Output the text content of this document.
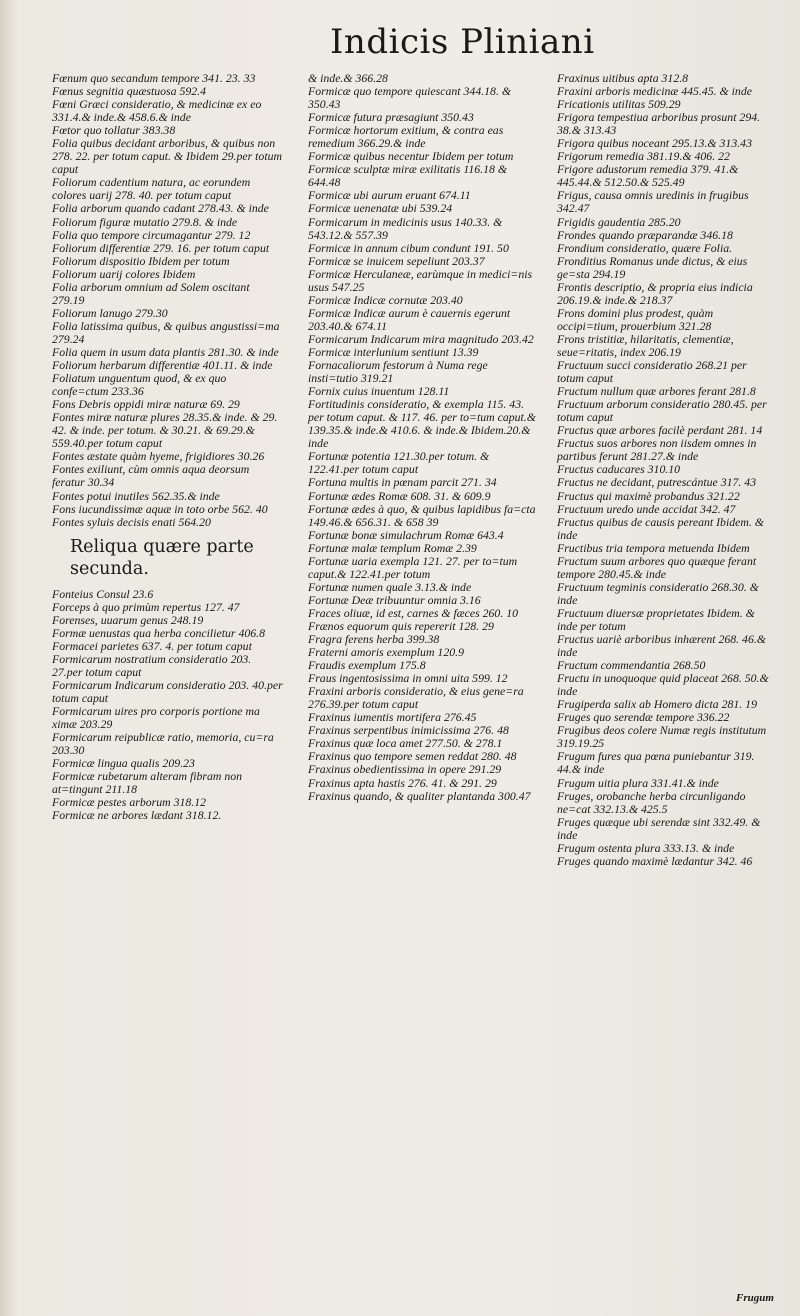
Indicis Pliniani

Fœnum quo secandum tempore 341. 23. 33

Fœnus segnitia quæstuosa 592.4

Fœni Græci consideratio, & medicinæ ex eo 331.4.& inde.& 458.6.& inde

Fœtor quo tollatur 383.38

Folia quibus decidant arboribus, & quibus non 278. 22. per totum caput. & Ibidem 29.per totum caput

Foliorum cadentium natura, ac eorundem colores uarij 278. 40. per totum caput

Folia arborum quando cadant 278.43. & inde

Foliorum figuræ mutatio 279.8. & inde

Folia quo tempore circumagantur 279. 12

Foliorum differentiæ 279. 16. per totum caput

Foliorum dispositio Ibidem per totum

Foliorum uarij colores Ibidem

Folia arborum omnium ad Solem oscitant 279.19

Foliorum lanugo 279.30

Folia latissima quibus, & quibus angustissi=ma 279.24

Folia quem in usum data plantis 281.30. & inde

Foliorum herbarum differentiæ 401.11. & inde

Foliatum unguentum quod, & ex quo confe=ctum 233.36

Fons Debris oppidi miræ naturæ 69. 29

Fontes miræ naturæ plures 28.35.& inde. & 29. 42. & inde. per totum. & 30.21. & 69.29.& 559.40.per totum caput

Fontes æstate quàm hyeme, frigidiores 30.26

Fontes exiliunt, cùm omnis aqua deorsum feratur 30.34

Fontes potui inutiles 562.35.& inde

Fons iucundissimæ aquæ in toto orbe 562. 40

Fontes syluis decisis enati 564.20

Reliqua quære parte secunda.

Fonteius Consul 23.6

Forceps à quo primùm repertus 127. 47

Forenses, uuarum genus 248.19

Formæ uenustas qua herba concilietur 406.8

Formacei parietes 637. 4. per totum caput

Formicarum nostratium consideratio 203. 27.per totum caput

Formicarum Indicarum consideratio 203. 40.per totum caput

Formicarum uires pro corporis portione ma ximæ 203.29

Formicarum reipublicæ ratio, memoria, cu=ra 203.30

Formicæ lingua qualis 209.23

Formicæ rubetarum alteram fibram non at=tingunt 211.18

Formicæ pestes arborum 318.12

Formicæ ne arbores lædant 318.12.

& inde.& 366.28

Formicæ quo tempore quiescant 344.18. & 350.43

Formicæ futura præsagiunt 350.43

Formicæ hortorum exitium, & contra eas remedium 366.29.& inde

Formicæ quibus necentur Ibidem per totum

Formicæ sculptæ miræ exilitatis 116.18 & 644.48

Formicæ ubi aurum eruant 674.11

Formicæ uenenatæ ubi 539.24

Formicarum in medicinis usus 140.33. & 543.12.& 557.39

Formicæ in annum cibum condunt 191. 50

Formicæ se inuicem sepeliunt 203.37

Formicæ Herculaneæ, earùmque in medici=nis usus 547.25

Formicæ Indicæ cornutæ 203.40

Formicæ Indicæ aurum è cauernis egerunt 203.40.& 674.11

Formicarum Indicarum mira magnitudo 203.42

Formicæ interlunium sentiunt 13.39

Fornacaliorum festorum à Numa rege insti=tutio 319.21

Fornix cuius inuentum 128.11

Fortitudinis consideratio, & exempla 115. 43. per totum caput. & 117. 46. per to=tum caput.& 139.35.& inde.& 410.6. & inde.& Ibidem.20.& inde

Fortunæ potentia 121.30.per totum. & 122.41.per totum caput

Fortuna multis in pœnam parcit 271. 34

Fortunæ ædes Romæ 608. 31. & 609.9

Fortunæ ædes à quo, & quibus lapidibus fa=cta 149.46.& 656.31. & 658 39

Fortunæ bonæ simulachrum Romæ 643.4

Fortunæ malæ templum Romæ 2.39

Fortunæ uaria exempla 121. 27. per to=tum caput.& 122.41.per totum

Fortunæ numen quale 3.13.& inde

Fortunæ Deæ tribuuntur omnia 3.16

Fraces oliuæ, id est, carnes & fæces 260. 10

Frænos equorum quis repererit 128. 29

Fragra ferens herba 399.38

Fraterni amoris exemplum 120.9

Fraudis exemplum 175.8

Fraus ingentosissima in omni uita 599. 12

Fraxini arboris consideratio, & eius gene=ra 276.39.per totum caput

Fraxinus iumentis mortifera 276.45

Fraxinus serpentibus inimicissima 276. 48

Fraxinus quæ loca amet 277.50. & 278.1

Fraxinus quo tempore semen reddat 280. 48

Fraxinus obedientissima in opere 291.29

Fraxinus apta hastis 276. 41. & 291. 29

Fraxinus quando, & qualiter plantanda 300.47

Fraxinus uitibus apta 312.8

Fraxini arboris medicinæ 445.45. & inde

Fricationis utilitas 509.29

Frigora tempestiua arboribus prosunt 294. 38.& 313.43

Frigora quibus noceant 295.13.& 313.43

Frigorum remedia 381.19.& 406. 22

Frigore adustorum remedia 379. 41.& 445.44.& 512.50.& 525.49

Frigus, causa omnis uredinis in frugibus 342.47

Frigidis gaudentia 285.20

Frondes quando præparandæ 346.18

Frondium consideratio, quære Folia.

Fronditius Romanus unde dictus, & eius ge=sta 294.19

Frontis descriptio, & propria eius indicia 206.19.& inde.& 218.37

Frons domini plus prodest, quàm occipi=tium, prouerbium 321.28

Frons tristitiæ, hilaritatis, clementiæ, seue=ritatis, index 206.19

Fructuum succi consideratio 268.21 per totum caput

Fructum nullum quæ arbores ferant 281.8

Fructuum arborum consideratio 280.45. per totum caput

Fructus quæ arbores facilè perdant 281. 14

Fructus suos arbores non iisdem omnes in partibus ferunt 281.27.& inde

Fructus caducares 310.10

Fructus ne decidant, putrescántue 317. 43

Fructus qui maximè probandus 321.22

Fructuum uredo unde accidat 342. 47

Fructus quibus de causis pereant Ibidem. & inde

Fructibus tria tempora metuenda Ibidem

Fructum suum arbores quo quæque ferant tempore 280.45.& inde

Fructuum tegminis consideratio 268.30. & inde

Fructuum diuersæ proprietates Ibidem. & inde per totum

Fructus uariè arboribus inhærent 268. 46.& inde

Fructum commendantia 268.50

Fructu in unoquoque quid placeat 268. 50.& inde

Frugiperda salix ab Homero dicta 281. 19

Fruges quo serendæ tempore 336.22

Frugibus deos colere Numæ regis institutum 319.19.25

Frugum fures qua pœna puniebantur 319. 44.& inde

Frugum uitia plura 331.41.& inde

Fruges, orobanche herba circunligando ne=cat 332.13.& 425.5

Fruges quæque ubi serendæ sint 332.49. & inde

Frugum ostenta plura 333.13. & inde

Fruges quando maximè lædantur 342. 46

Frugum
